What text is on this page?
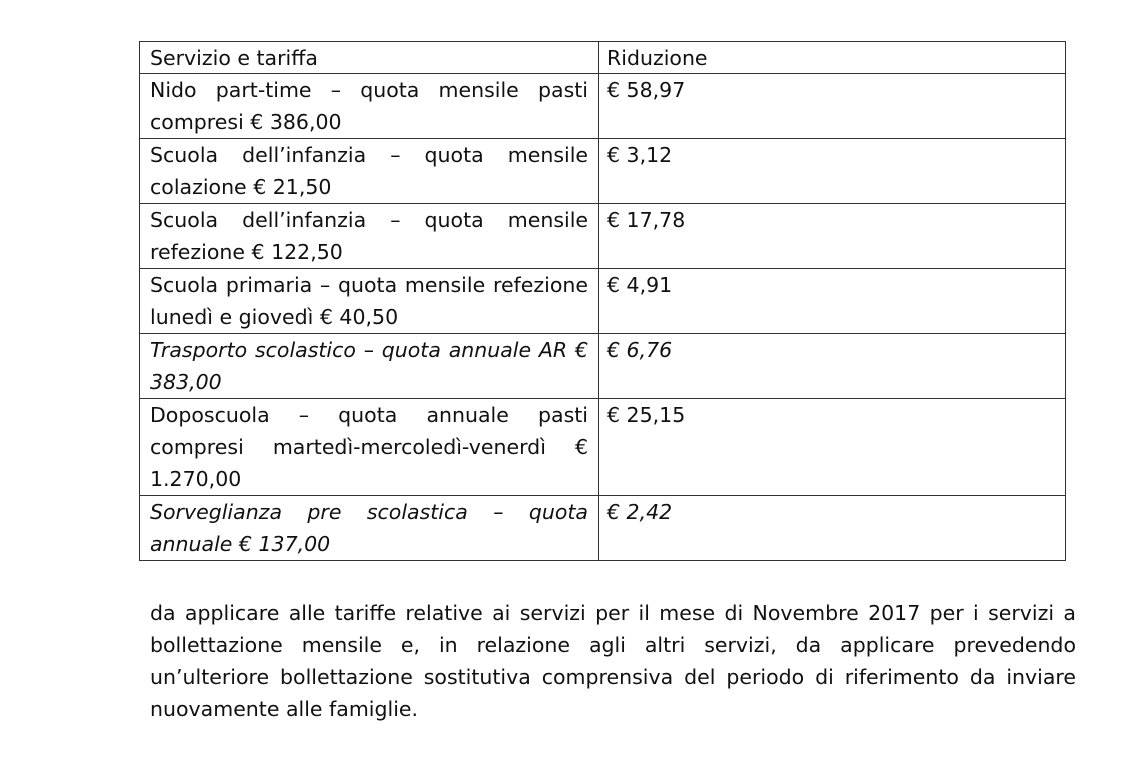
Servizio e tariffa	Riduzione
Nido part-time – quota mensile pasti compresi € 386,00	€ 58,97
Scuola dell’infanzia – quota mensile colazione € 21,50	€ 3,12
Scuola dell’infanzia – quota mensile refezione € 122,50	€ 17,78
Scuola primaria – quota mensile refezione lunedì e giovedì € 40,50	€ 4,91
Trasporto scolastico – quota annuale AR € 383,00	€ 6,76
Doposcuola – quota annuale pasti compresi martedì-mercoledì-venerdì € 1.270,00	€ 25,15
Sorveglianza pre scolastica – quota annuale € 137,00	€ 2,42

da applicare alle tariffe relative ai servizi per il mese di Novembre 2017 per i servizi a bollettazione mensile e, in relazione agli altri servizi, da applicare prevedendo un’ulteriore bollettazione sostitutiva comprensiva del periodo di riferimento da inviare nuovamente alle famiglie.
